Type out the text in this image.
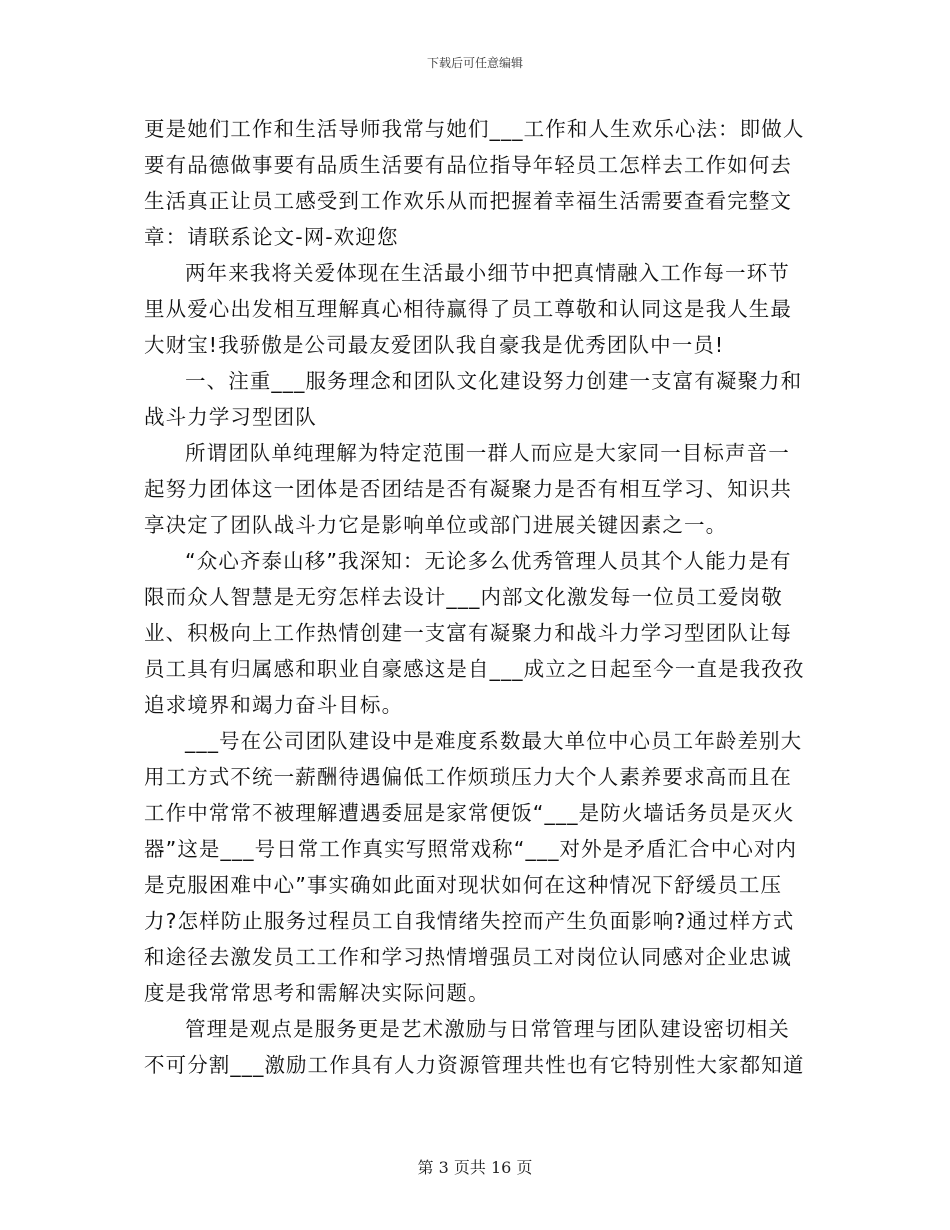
下载后可任意编辑

更是她们工作和生活导师我常与她们___工作和人生欢乐心法：即做人要有品德做事要有品质生活要有品位指导年轻员工怎样去工作如何去生活真正让员工感受到工作欢乐从而把握着幸福生活需要查看完整文章：请联系论文-网-欢迎您

两年来我将关爱体现在生活最小细节中把真情融入工作每一环节里从爱心出发相互理解真心相待赢得了员工尊敬和认同这是我人生最大财宝!我骄傲是公司最友爱团队我自豪我是优秀团队中一员!

一、注重___服务理念和团队文化建设努力创建一支富有凝聚力和战斗力学习型团队

所谓团队单纯理解为特定范围一群人而应是大家同一目标声音一起努力团体这一团体是否团结是否有凝聚力是否有相互学习、知识共享决定了团队战斗力它是影响单位或部门进展关键因素之一。

“众心齐泰山移”我深知：无论多么优秀管理人员其个人能力是有限而众人智慧是无穷怎样去设计___内部文化激发每一位员工爱岗敬业、积极向上工作热情创建一支富有凝聚力和战斗力学习型团队让每员工具有归属感和职业自豪感这是自___成立之日起至今一直是我孜孜追求境界和竭力奋斗目标。

___号在公司团队建设中是难度系数最大单位中心员工年龄差别大用工方式不统一薪酬待遇偏低工作烦琐压力大个人素养要求高而且在工作中常常不被理解遭遇委屈是家常便饭“___是防火墙话务员是灭火器”这是___号日常工作真实写照常戏称“___对外是矛盾汇合中心对内是克服困难中心”事实确如此面对现状如何在这种情况下舒缓员工压力?怎样防止服务过程员工自我情绪失控而产生负面影响?通过样方式和途径去激发员工工作和学习热情增强员工对岗位认同感对企业忠诚度是我常常思考和需解决实际问题。

管理是观点是服务更是艺术激励与日常管理与团队建设密切相关不可分割___激励工作具有人力资源管理共性也有它特别性大家都知道

第 3 页共 16 页
